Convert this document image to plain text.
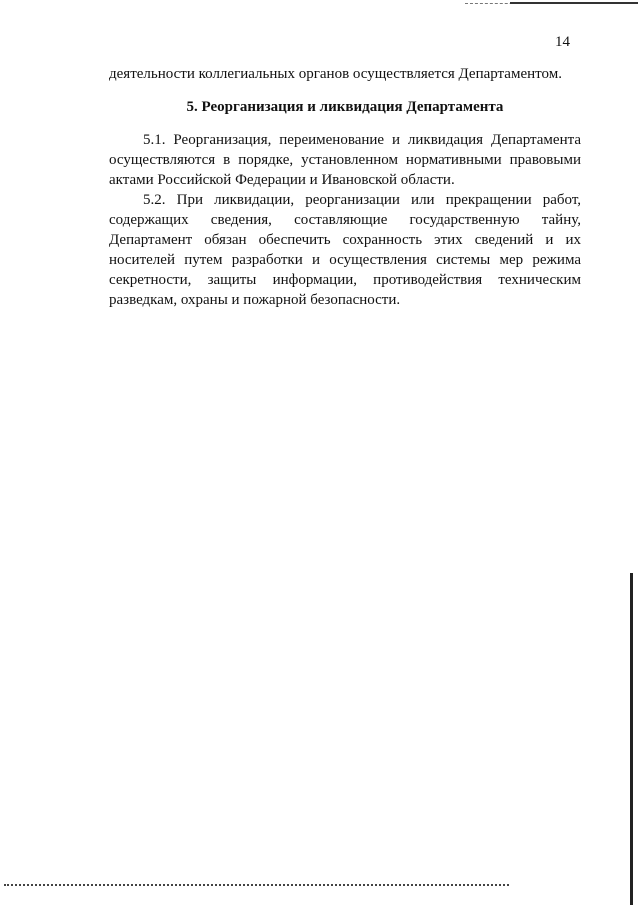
14
деятельности коллегиальных органов осуществляется Департаментом.
5. Реорганизация и ликвидация Департамента

5.1. Реорганизация, переименование и ликвидация Департамента осуществляются в порядке, установленном нормативными правовыми актами Российской Федерации и Ивановской области.

5.2. При ликвидации, реорганизации или прекращении работ, содержащих сведения, составляющие государственную тайну, Департамент обязан обеспечить сохранность этих сведений и их носителей путем разработки и осуществления системы мер режима секретности, защиты информации, противодействия техническим разведкам, охраны и пожарной безопасности.
